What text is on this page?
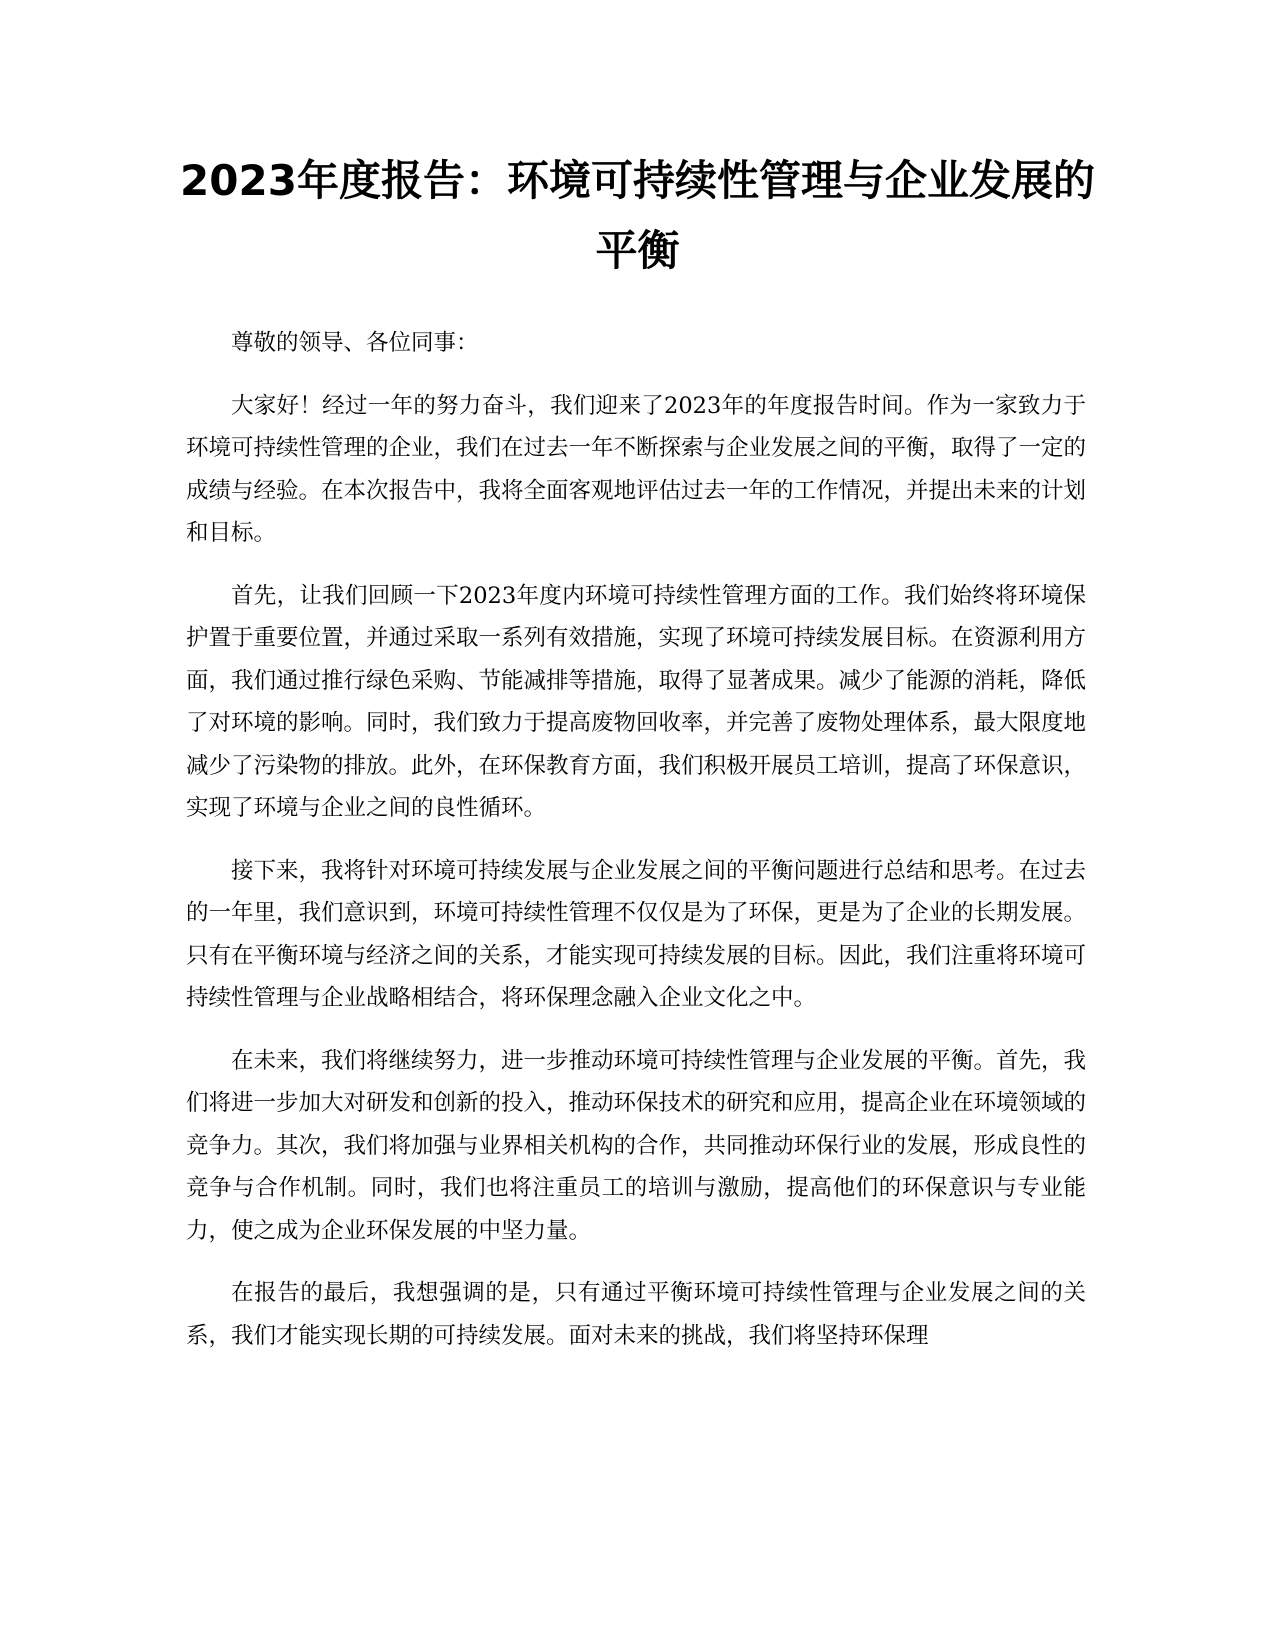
2023年度报告：环境可持续性管理与企业发展的平衡

尊敬的领导、各位同事：

大家好！经过一年的努力奋斗，我们迎来了2023年的年度报告时间。作为一家致力于环境可持续性管理的企业，我们在过去一年不断探索与企业发展之间的平衡，取得了一定的成绩与经验。在本次报告中，我将全面客观地评估过去一年的工作情况，并提出未来的计划和目标。

首先，让我们回顾一下2023年度内环境可持续性管理方面的工作。我们始终将环境保护置于重要位置，并通过采取一系列有效措施，实现了环境可持续发展目标。在资源利用方面，我们通过推行绿色采购、节能减排等措施，取得了显著成果。减少了能源的消耗，降低了对环境的影响。同时，我们致力于提高废物回收率，并完善了废物处理体系，最大限度地减少了污染物的排放。此外，在环保教育方面，我们积极开展员工培训，提高了环保意识，实现了环境与企业之间的良性循环。

接下来，我将针对环境可持续发展与企业发展之间的平衡问题进行总结和思考。在过去的一年里，我们意识到，环境可持续性管理不仅仅是为了环保，更是为了企业的长期发展。只有在平衡环境与经济之间的关系，才能实现可持续发展的目标。因此，我们注重将环境可持续性管理与企业战略相结合，将环保理念融入企业文化之中。

在未来，我们将继续努力，进一步推动环境可持续性管理与企业发展的平衡。首先，我们将进一步加大对研发和创新的投入，推动环保技术的研究和应用，提高企业在环境领域的竞争力。其次，我们将加强与业界相关机构的合作，共同推动环保行业的发展，形成良性的竞争与合作机制。同时，我们也将注重员工的培训与激励，提高他们的环保意识与专业能力，使之成为企业环保发展的中坚力量。

在报告的最后，我想强调的是，只有通过平衡环境可持续性管理与企业发展之间的关系，我们才能实现长期的可持续发展。面对未来的挑战，我们将坚持环保理
